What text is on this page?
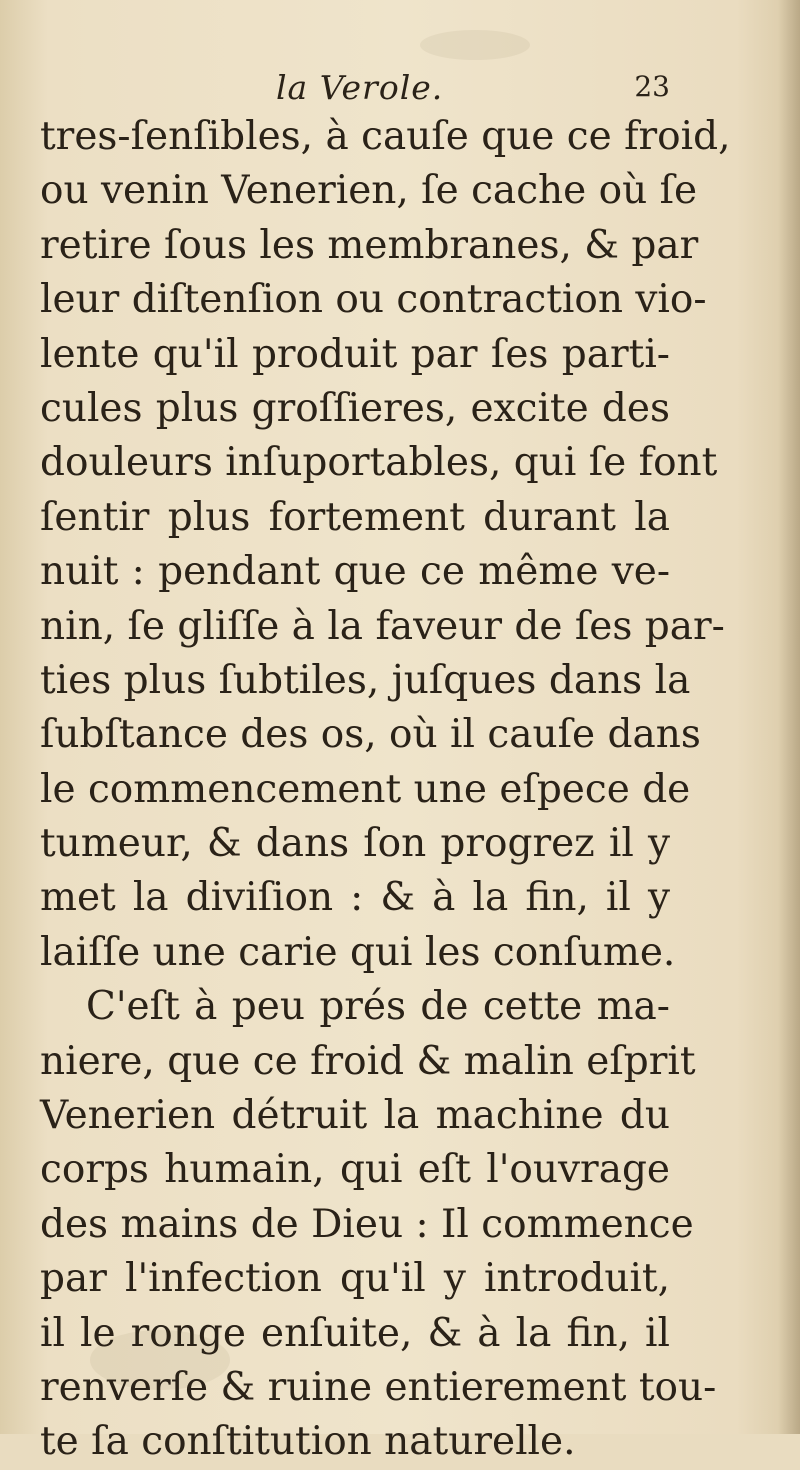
la Verole.	23
tres-ſenſibles, à cauſe que ce froid,
ou venin Venerien, ſe cache où ſe
retire ſous les membranes, & par
leur diſtenſion ou contraction vio-
lente qu'il produit par ſes parti-
cules plus groſſieres, excite des
douleurs inſuportables, qui ſe font
ſentir plus fortement durant la
nuit : pendant que ce même ve-
nin, ſe gliſſe à la faveur de ſes par-
ties plus ſubtiles, juſques dans la
ſubſtance des os, où il cauſe dans
le commencement une eſpece de
tumeur, & dans ſon progrez il y
met la diviſion : & à la fin, il y
laiſſe une carie qui les conſume.
C'eſt à peu prés de cette ma-
niere, que ce froid & malin eſprit
Venerien détruit la machine du
corps humain, qui eſt l'ouvrage
des mains de Dieu : Il commence
par l'infection qu'il y introduit,
il le ronge enſuite, & à la fin, il
renverſe & ruine entierement tou-
te ſa conſtitution naturelle.
